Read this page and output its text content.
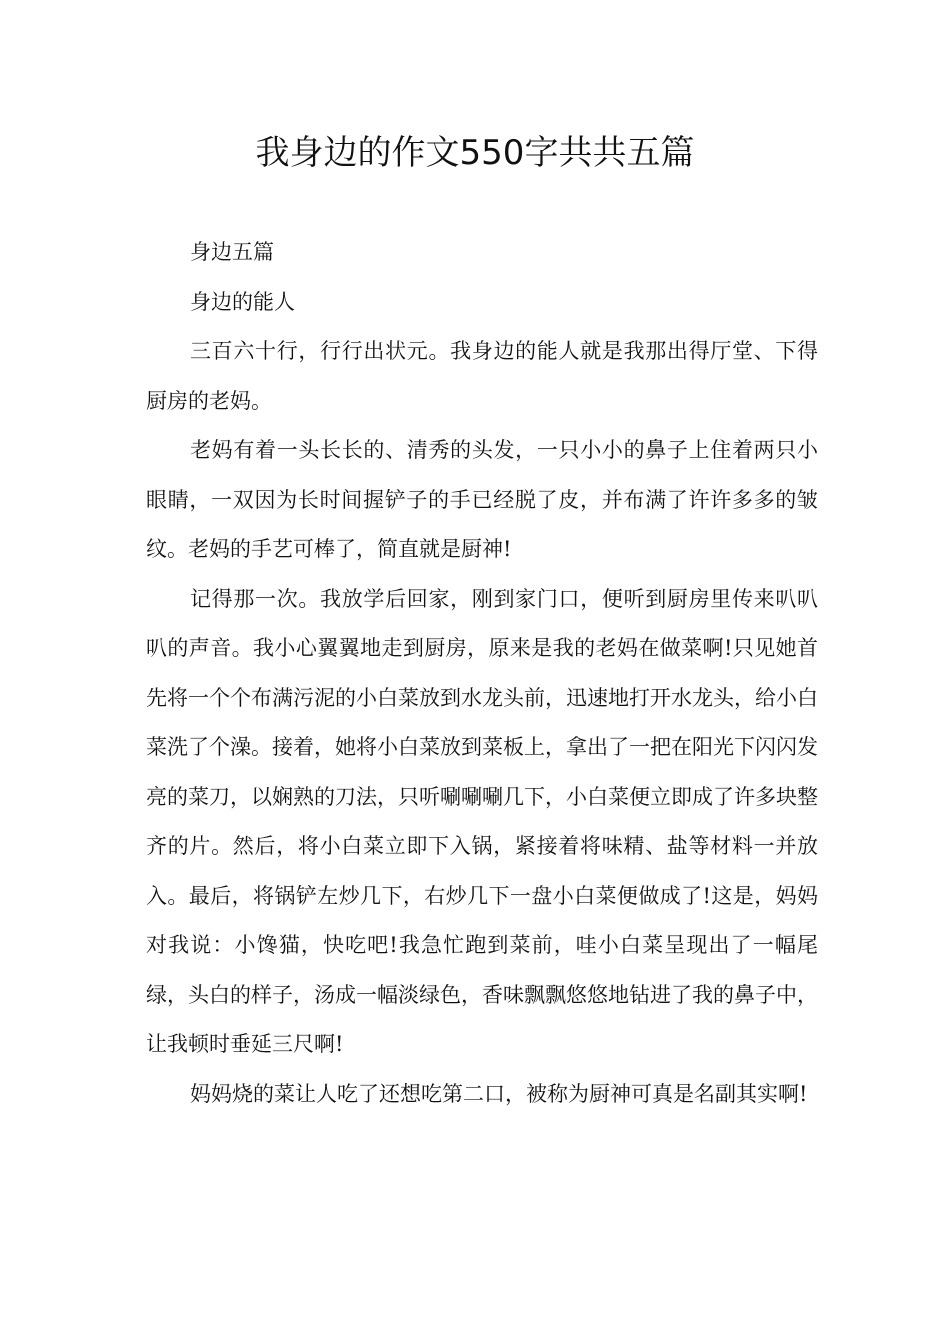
我身边的作文550字共共五篇

身边五篇

身边的能人

三百六十行，行行出状元。我身边的能人就是我那出得厅堂、下得厨房的老妈。

老妈有着一头长长的、清秀的头发，一只小小的鼻子上住着两只小眼睛，一双因为长时间握铲子的手已经脱了皮，并布满了许许多多的皱纹。老妈的手艺可棒了，简直就是厨神!

记得那一次。我放学后回家，刚到家门口，便听到厨房里传来叭叭叭的声音。我小心翼翼地走到厨房，原来是我的老妈在做菜啊!只见她首先将一个个布满污泥的小白菜放到水龙头前，迅速地打开水龙头，给小白菜洗了个澡。接着，她将小白菜放到菜板上，拿出了一把在阳光下闪闪发亮的菜刀，以娴熟的刀法，只听唰唰唰几下，小白菜便立即成了许多块整齐的片。然后，将小白菜立即下入锅，紧接着将味精、盐等材料一并放入。最后，将锅铲左炒几下，右炒几下一盘小白菜便做成了!这是，妈妈对我说：小馋猫，快吃吧!我急忙跑到菜前，哇小白菜呈现出了一幅尾绿，头白的样子，汤成一幅淡绿色，香味飘飘悠悠地钻进了我的鼻子中，让我顿时垂延三尺啊!

妈妈烧的菜让人吃了还想吃第二口，被称为厨神可真是名副其实啊!
